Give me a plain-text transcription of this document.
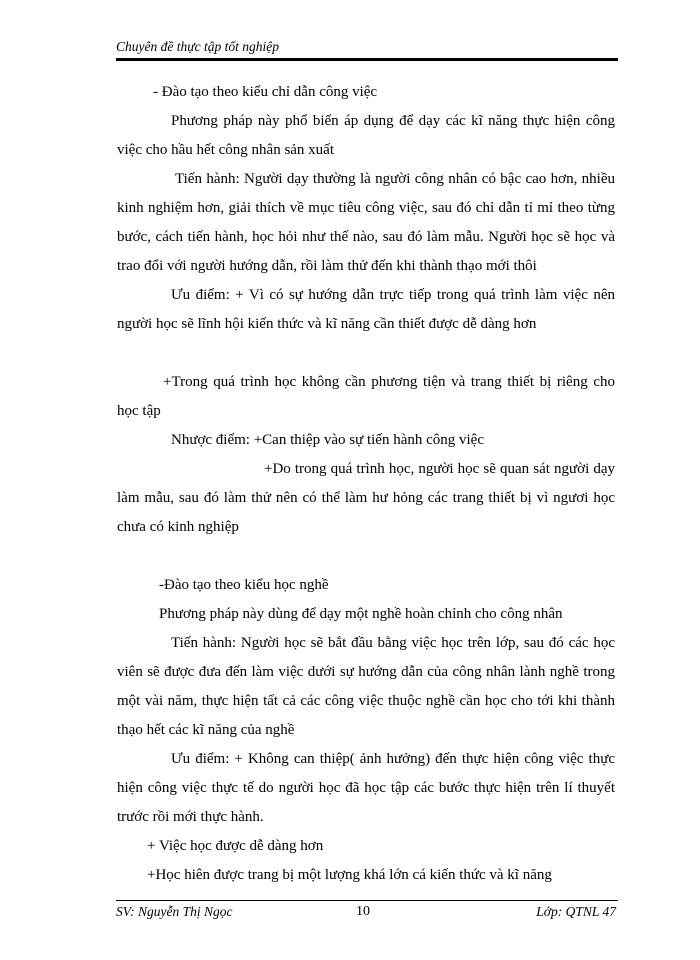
Chuyên đề thực tập tốt nghiệp

- Đào tạo theo kiểu chỉ dẫn công việc

Phương pháp này phổ biến áp dụng để dạy các kĩ năng thực hiện công việc cho hầu hết công nhân sản xuất

Tiến hành: Người dạy thường là người công nhân có bậc cao hơn, nhiều kinh nghiệm hơn, giải thích về mục tiêu công việc, sau đó chỉ dẫn tỉ mỉ theo từng bước, cách tiến hành, học hỏi như thế nào, sau đó làm mẫu. Người học sẽ học và trao đổi với người hướng dẫn, rồi làm thử đến khi thành thạo mới thôi

Ưu điểm: + Vì có sự hướng dẫn trực tiếp trong quá trình làm việc nên người học sẽ lĩnh hội kiến thức và kĩ năng cần thiết được dễ dàng hơn

+Trong quá trình học không cần phương tiện và trang thiết bị riêng cho học tập

Nhược điểm: +Can thiệp vào sự tiến hành công việc

+Do trong quá trình học, người học sẽ quan sát người dạy làm mẫu, sau đó làm thử nên có thể làm hư hỏng các trang thiết bị vì ngươi học chưa có kinh nghiệp

-Đào tạo theo kiểu học nghề

Phương pháp này dùng để dạy một nghề hoàn chỉnh cho công nhân

Tiến hành: Người học sẽ bắt đầu bằng việc học trên lớp, sau đó các học viên sẽ được đưa đến làm việc dưới sự hướng dẫn của công nhân lành nghề trong một vài năm, thực hiện tất cả các công việc thuộc nghề cần học cho tới khi thành thạo hết các kĩ năng của nghề

Ưu điểm: + Không can thiệp( ảnh hưởng) đến thực hiện công việc thực hiện công việc thực tế do người học đã học tập các bước thực hiện trên lí thuyết trước rồi mới thực hành.

+ Việc học được dễ dàng hơn

+Học hiên được trang bị một lượng khá lớn cá kiến thức và kĩ năng

SV: Nguyễn Thị Ngọc	10	Lớp: QTNL 47
